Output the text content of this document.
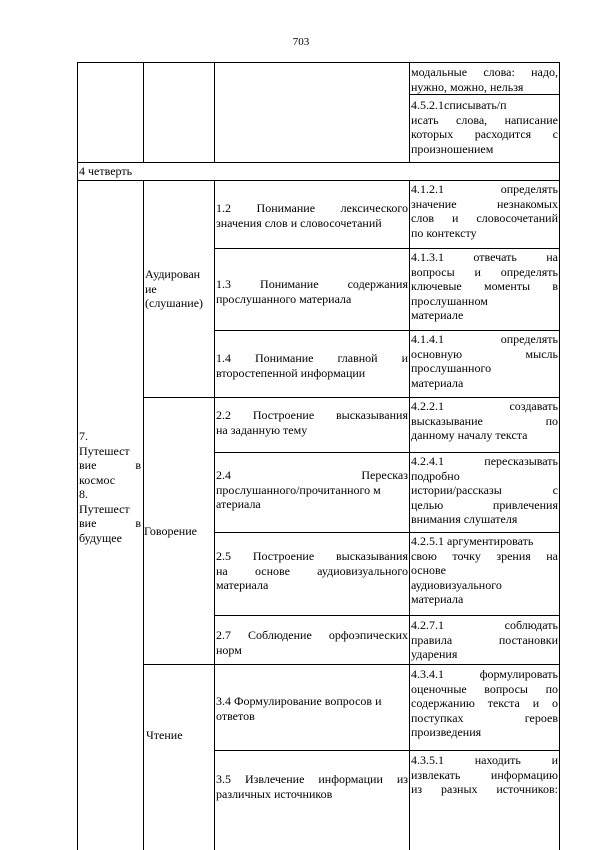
703
модальные слова: надо,
нужно, можно, нельзя
4.5.2.1списывать/п
исать слова, написание
которых расходится с
произношением
4 четверть
7.
Путешест
вие в
космос
8.
Путешест
вие в
будущее
Аудирован
ие
(слушание)
Говорение
Чтение
1.2 Понимание лексического
значения слов и словосочетаний
4.1.2.1 определять
значение незнакомых
слов и словосочетаний
по контексту
1.3 Понимание содержания
прослушанного материала
4.1.3.1 отвечать на
вопросы и определять
ключевые моменты в
прослушанном
материале
1.4 Понимание главной и
второстепенной информации
4.1.4.1 определять
основную мысль
прослушанного
материала
2.2 Построение высказывания
на заданную тему
4.2.2.1 создавать
высказывание по
данному началу текста
2.4 Пересказ
прослушанного/прочитанного м
атериала
4.2.4.1 пересказывать
подробно
истории/рассказы с
целью привлечения
внимания слушателя
2.5 Построение высказывания
на основе аудиовизуального
материала
4.2.5.1 аргументировать
свою точку зрения на
основе
аудиовизуального
материала
2.7 Соблюдение орфоэпических
норм
4.2.7.1 соблюдать
правила постановки
ударения
3.4 Формулирование вопросов и
ответов
4.3.4.1 формулировать
оценочные вопросы по
содержанию текста и о
поступках героев
произведения
3.5 Извлечение информации из
различных источников
4.3.5.1 находить и
извлекать информацию
из разных источников:
